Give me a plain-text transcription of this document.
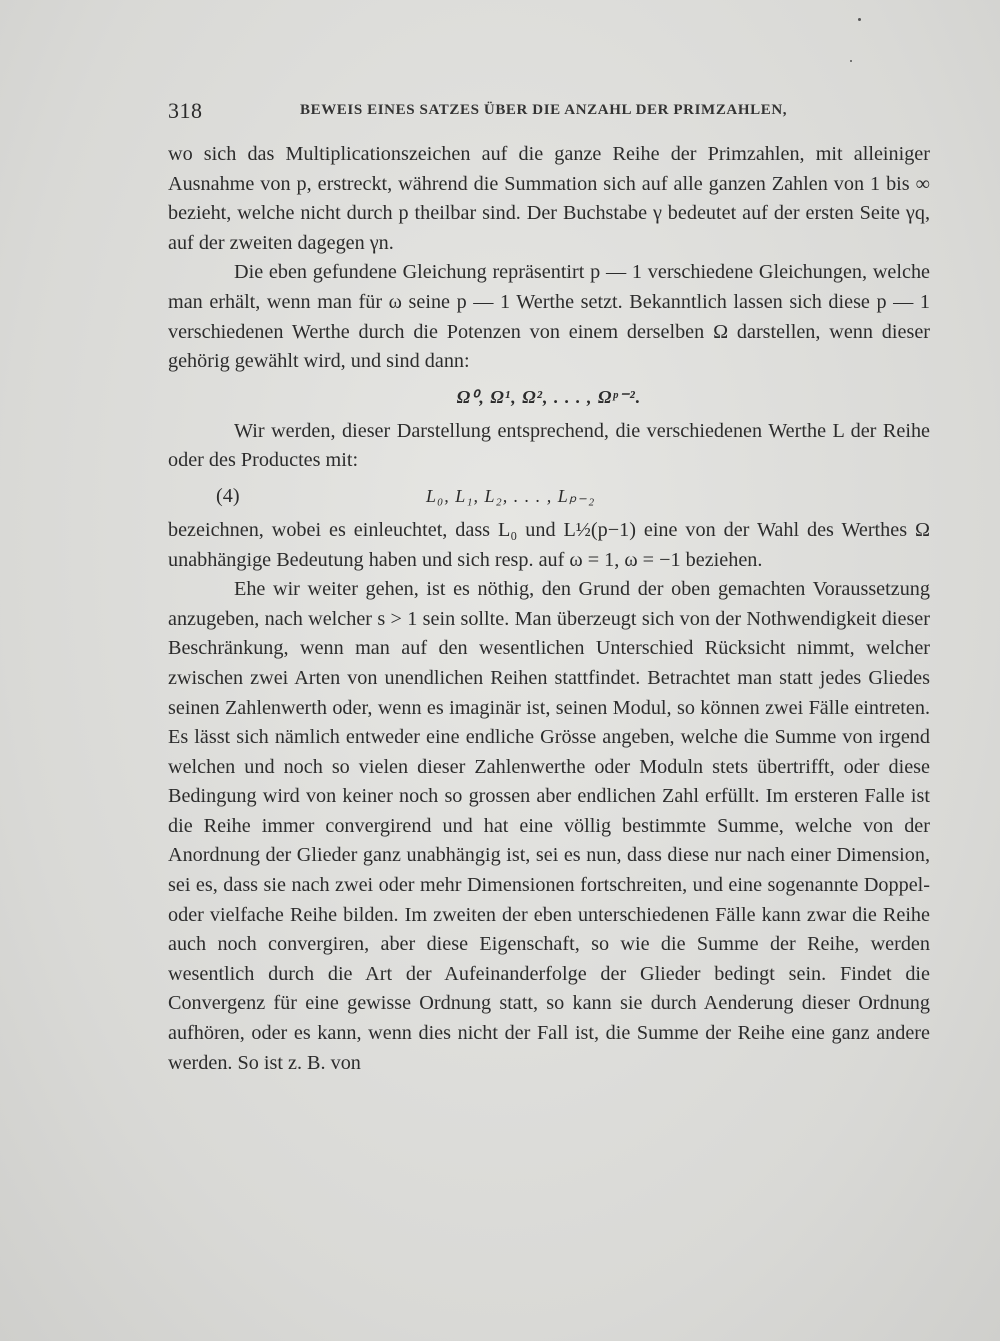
318	BEWEIS EINES SATZES ÜBER DIE ANZAHL DER PRIMZAHLEN,

wo sich das Multiplicationszeichen auf die ganze Reihe der Primzahlen, mit alleiniger Ausnahme von p, erstreckt, während die Summation sich auf alle ganzen Zahlen von 1 bis ∞ bezieht, welche nicht durch p theilbar sind. Der Buchstabe γ bedeutet auf der ersten Seite γq, auf der zweiten dagegen γn.

Die eben gefundene Gleichung repräsentirt p — 1 verschiedene Gleichungen, welche man erhält, wenn man für ω seine p — 1 Werthe setzt. Bekanntlich lassen sich diese p — 1 verschiedenen Werthe durch die Potenzen von einem derselben Ω darstellen, wenn dieser gehörig gewählt wird, und sind dann:

Ω⁰, Ω¹, Ω², . . . , Ωᵖ⁻².

Wir werden, dieser Darstellung entsprechend, die verschiedenen Werthe L der Reihe oder des Productes mit:

(4)	L₀, L₁, L₂, . . . , Lₚ₋₂

bezeichnen, wobei es einleuchtet, dass L₀ und L½(p−1) eine von der Wahl des Werthes Ω unabhängige Bedeutung haben und sich resp. auf ω = 1, ω = −1 beziehen.

Ehe wir weiter gehen, ist es nöthig, den Grund der oben gemachten Voraussetzung anzugeben, nach welcher s > 1 sein sollte. Man überzeugt sich von der Nothwendigkeit dieser Beschränkung, wenn man auf den wesentlichen Unterschied Rücksicht nimmt, welcher zwischen zwei Arten von unendlichen Reihen stattfindet. Betrachtet man statt jedes Gliedes seinen Zahlenwerth oder, wenn es imaginär ist, seinen Modul, so können zwei Fälle eintreten. Es lässt sich nämlich entweder eine endliche Grösse angeben, welche die Summe von irgend welchen und noch so vielen dieser Zahlenwerthe oder Moduln stets übertrifft, oder diese Bedingung wird von keiner noch so grossen aber endlichen Zahl erfüllt. Im ersteren Falle ist die Reihe immer convergirend und hat eine völlig bestimmte Summe, welche von der Anordnung der Glieder ganz unabhängig ist, sei es nun, dass diese nur nach einer Dimension, sei es, dass sie nach zwei oder mehr Dimensionen fortschreiten, und eine sogenannte Doppel- oder vielfache Reihe bilden. Im zweiten der eben unterschiedenen Fälle kann zwar die Reihe auch noch convergiren, aber diese Eigenschaft, so wie die Summe der Reihe, werden wesentlich durch die Art der Aufeinanderfolge der Glieder bedingt sein. Findet die Convergenz für eine gewisse Ordnung statt, so kann sie durch Aenderung dieser Ordnung aufhören, oder es kann, wenn dies nicht der Fall ist, die Summe der Reihe eine ganz andere werden. So ist z. B. von
